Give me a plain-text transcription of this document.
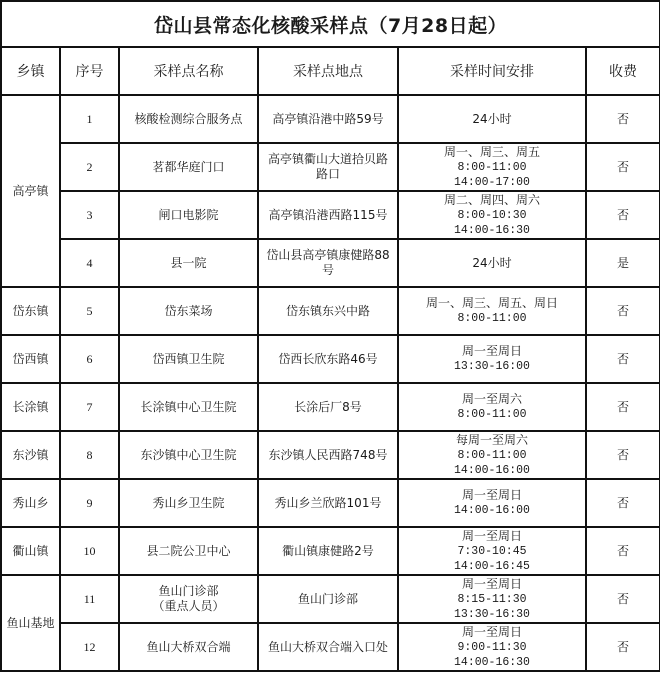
岱山县常态化核酸采样点（7月28日起）					
乡镇	序号	采样点名称	采样点地点	采样时间安排	收费
高亭镇	1	核酸检测综合服务点	高亭镇沿港中路59号	24小时	否
	2	茗都华庭门口	高亭镇衢山大道拾贝路
路口	周一、周三、周五
8:00-11:00
14:00-17:00	否
	3	闸口电影院	高亭镇沿港西路115号	周二、周四、周六
8:00-10:30
14:00-16:30	否
	4	县一院	岱山县高亭镇康健路88
号	24小时	是
岱东镇	5	岱东菜场	岱东镇东兴中路	周一、周三、周五、周日
8:00-11:00	否
岱西镇	6	岱西镇卫生院	岱西长欣东路46号	周一至周日
13:30-16:00	否
长涂镇	7	长涂镇中心卫生院	长涂后厂8号	周一至周六
8:00-11:00	否
东沙镇	8	东沙镇中心卫生院	东沙镇人民西路748号	每周一至周六
8:00-11:00
14:00-16:00	否
秀山乡	9	秀山乡卫生院	秀山乡兰欣路101号	周一至周日
14:00-16:00	否
衢山镇	10	县二院公卫中心	衢山镇康健路2号	周一至周日
7:30-10:45
14:00-16:45	否
鱼山基地	11	鱼山门诊部
（重点人员）	鱼山门诊部	周一至周日
8:15-11:30
13:30-16:30	否
	12	鱼山大桥双合端	鱼山大桥双合端入口处	周一至周日
9:00-11:30
14:00-16:30	否
